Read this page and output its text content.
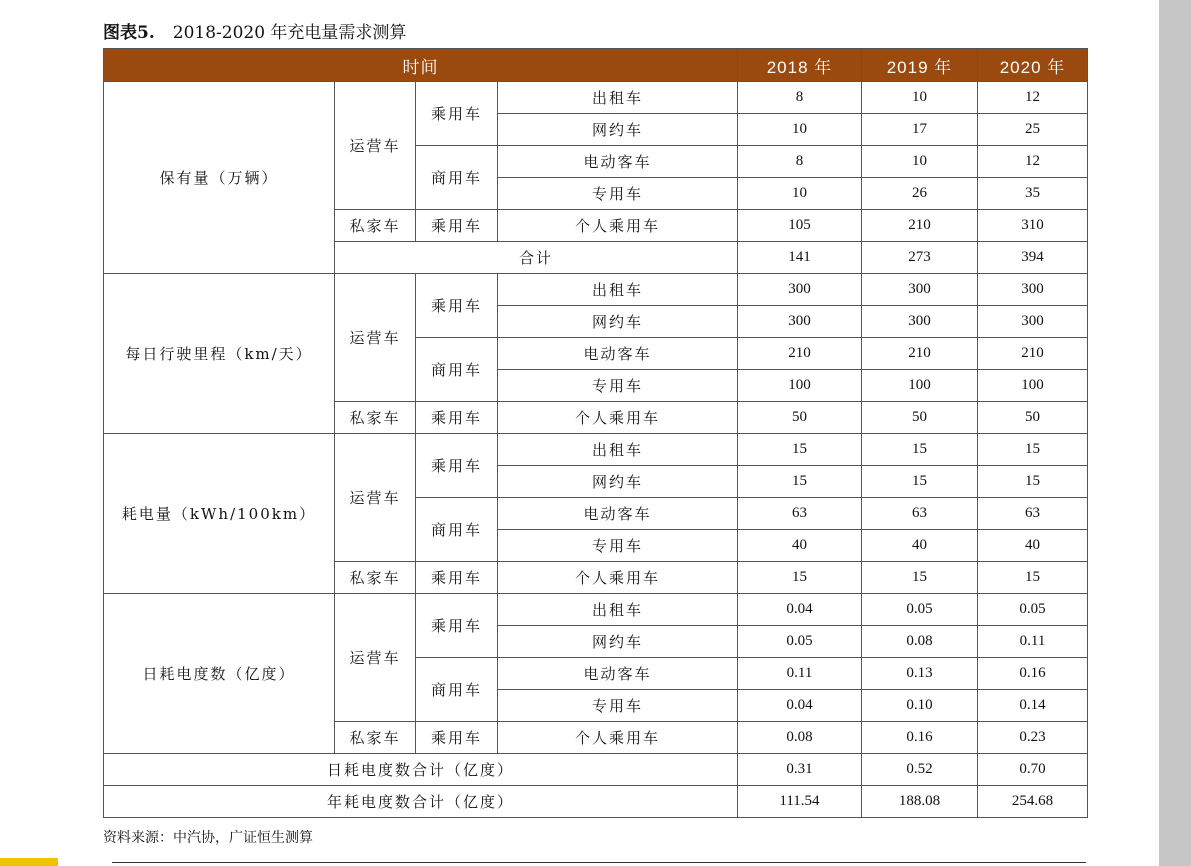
图表5. 2018-2020 年充电量需求测算
时间				2018 年	2019 年	2020 年
保有量（万辆）	运营车	乘用车	出租车	8	10	12
			网约车	10	17	25
		商用车	电动客车	8	10	12
			专用车	10	26	35
	私家车	乘用车	个人乘用车	105	210	310
	合计			141	273	394
每日行驶里程（km/天）	运营车	乘用车	出租车	300	300	300
			网约车	300	300	300
		商用车	电动客车	210	210	210
			专用车	100	100	100
	私家车	乘用车	个人乘用车	50	50	50
耗电量（kWh/100km）	运营车	乘用车	出租车	15	15	15
			网约车	15	15	15
		商用车	电动客车	63	63	63
			专用车	40	40	40
	私家车	乘用车	个人乘用车	15	15	15
日耗电度数（亿度）	运营车	乘用车	出租车	0.04	0.05	0.05
			网约车	0.05	0.08	0.11
		商用车	电动客车	0.11	0.13	0.16
			专用车	0.04	0.10	0.14
	私家车	乘用车	个人乘用车	0.08	0.16	0.23
日耗电度数合计（亿度）				0.31	0.52	0.70
年耗电度数合计（亿度）				111.54	188.08	254.68
资料来源：中汽协，广证恒生测算
